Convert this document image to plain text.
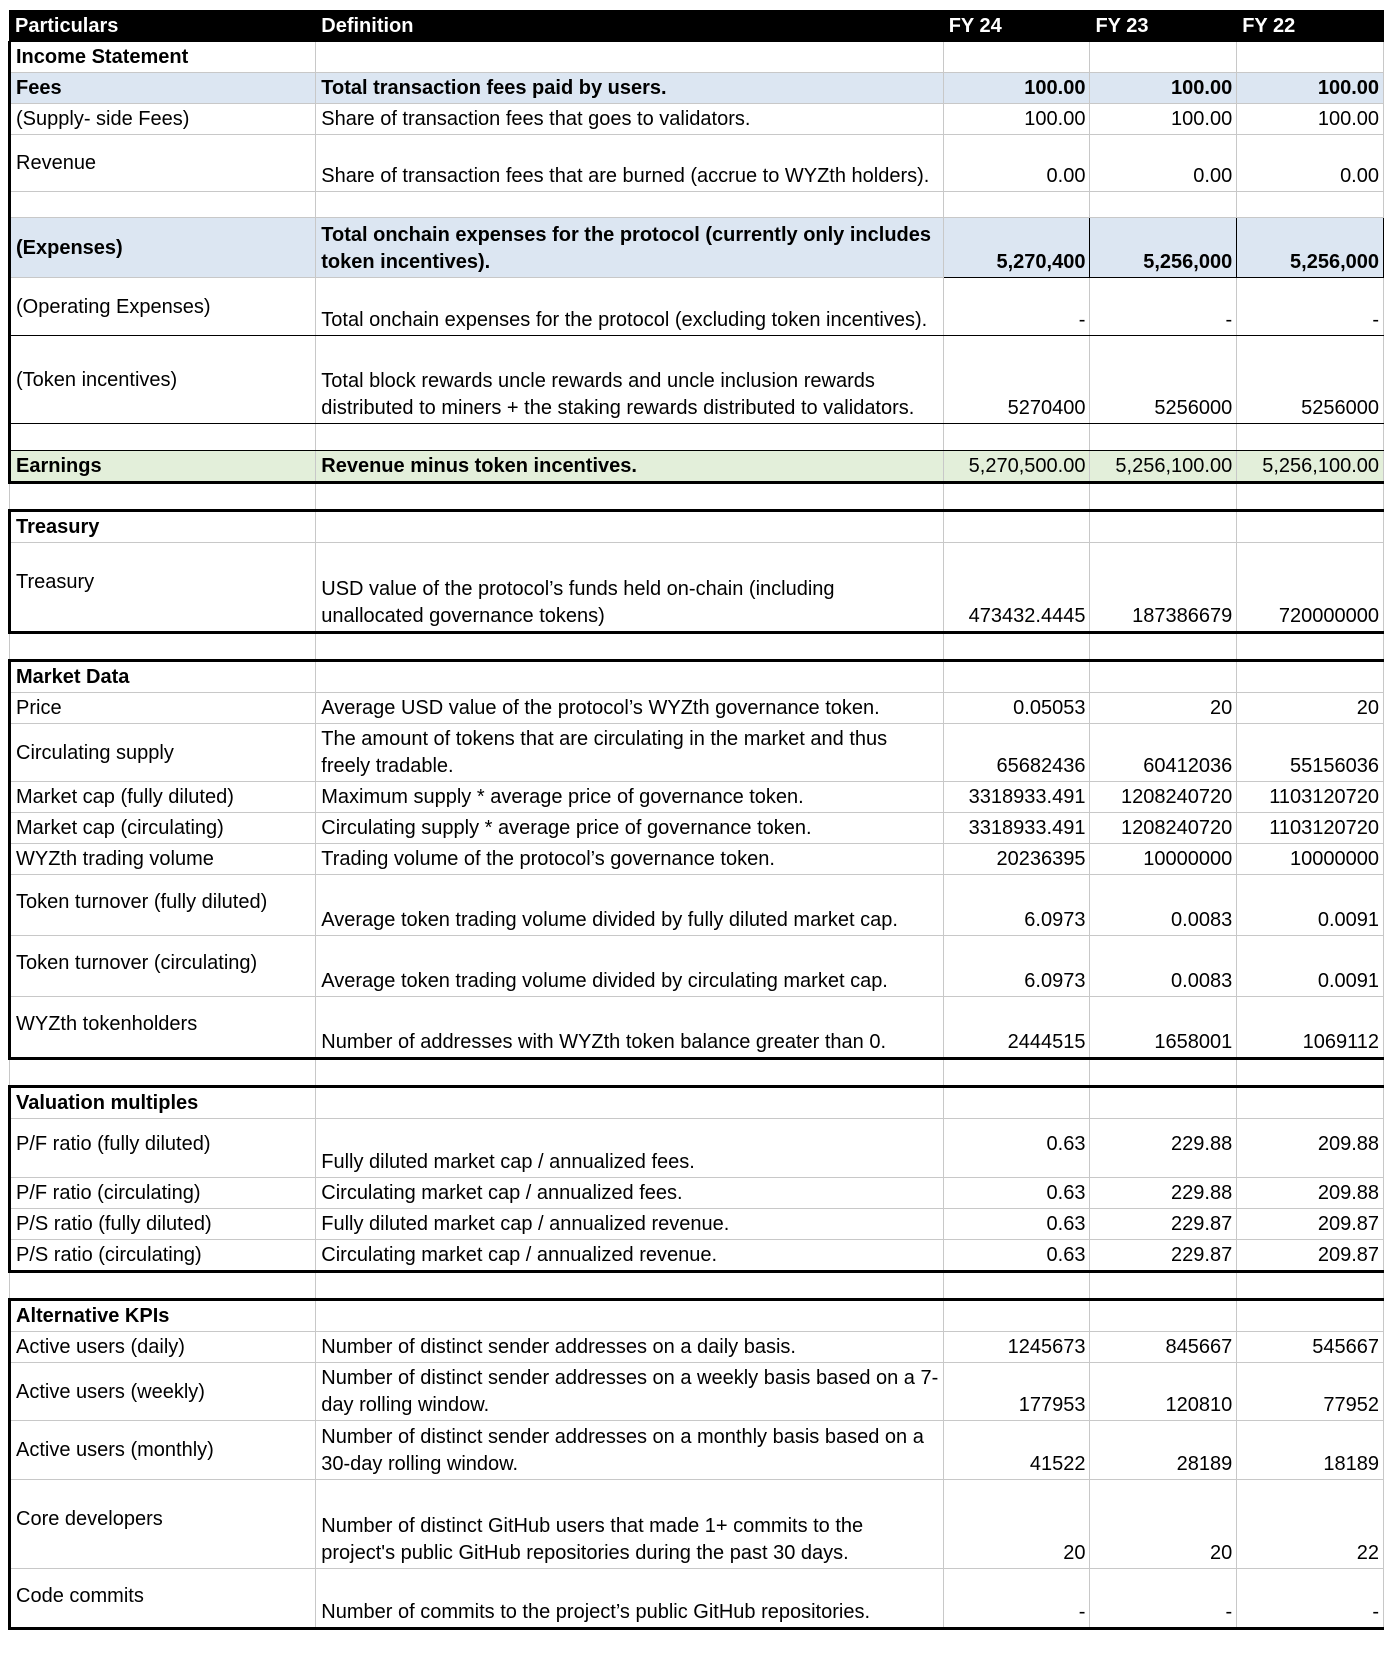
Particulars	Definition	FY 24	FY 23	FY 22
Income Statement				
Fees	Total transaction fees paid by users.	100.00	100.00	100.00
(Supply- side Fees)	Share of transaction fees that goes to validators.	100.00	100.00	100.00
Revenue	Share of transaction fees that are burned (accrue to WYZth holders).	0.00	0.00	0.00

(Expenses)	Total onchain expenses for the protocol (currently only includes token incentives).	5,270,400	5,256,000	5,256,000
(Operating Expenses)	Total onchain expenses for the protocol (excluding token incentives).	-	-	-
(Token incentives)	Total block rewards uncle rewards and uncle inclusion rewards distributed to miners + the staking rewards distributed to validators.	5270400	5256000	5256000

Earnings	Revenue minus token incentives.	5,270,500.00	5,256,100.00	5,256,100.00

Treasury				
Treasury	USD value of the protocol’s funds held on-chain (including unallocated governance tokens)	473432.4445	187386679	720000000

Market Data				
Price	Average USD value of the protocol’s WYZth governance token.	0.05053	20	20
Circulating supply	The amount of tokens that are circulating in the market and thus freely tradable.	65682436	60412036	55156036
Market cap (fully diluted)	Maximum supply * average price of governance token.	3318933.491	1208240720	1103120720
Market cap (circulating)	Circulating supply * average price of governance token.	3318933.491	1208240720	1103120720
WYZth trading volume	Trading volume of the protocol’s governance token.	20236395	10000000	10000000
Token turnover (fully diluted)	Average token trading volume divided by fully diluted market cap.	6.0973	0.0083	0.0091
Token turnover (circulating)	Average token trading volume divided by circulating market cap.	6.0973	0.0083	0.0091
WYZth tokenholders	Number of addresses with WYZth token balance greater than 0.	2444515	1658001	1069112

Valuation multiples				
P/F ratio (fully diluted)	Fully diluted market cap / annualized fees.	0.63	229.88	209.88
P/F ratio (circulating)	Circulating market cap / annualized fees.	0.63	229.88	209.88
P/S ratio (fully diluted)	Fully diluted market cap / annualized revenue.	0.63	229.87	209.87
P/S ratio (circulating)	Circulating market cap / annualized revenue.	0.63	229.87	209.87

Alternative KPIs				
Active users (daily)	Number of distinct sender addresses on a daily basis.	1245673	845667	545667
Active users (weekly)	Number of distinct sender addresses on a weekly basis based on a 7-day rolling window.	177953	120810	77952
Active users (monthly)	Number of distinct sender addresses on a monthly basis based on a 30-day rolling window.	41522	28189	18189
Core developers	Number of distinct GitHub users that made 1+ commits to the project's public GitHub repositories during the past 30 days.	20	20	22
Code commits	Number of commits to the project’s public GitHub repositories.	-	-	-
